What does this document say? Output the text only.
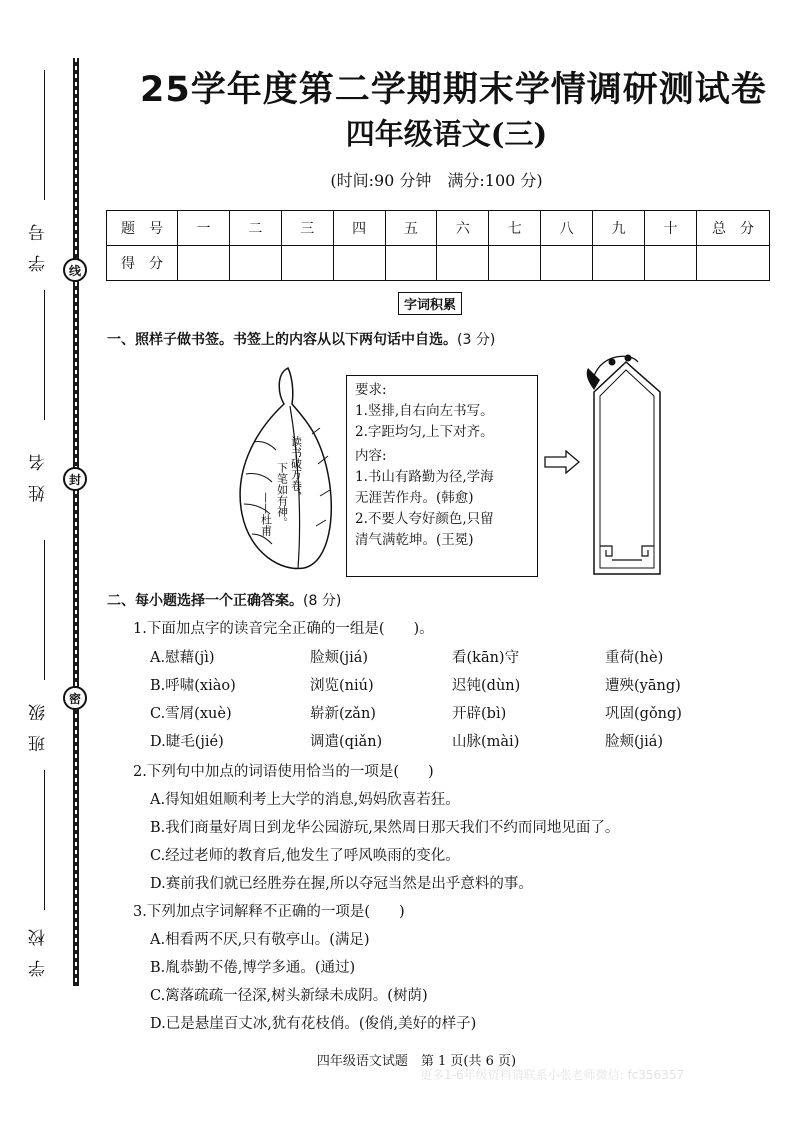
线
封
密
学号
姓名
班级
学校
25学年度第二学期期末学情调研测试卷
四年级语文(三)
(时间:90 分钟　满分:100 分)
题　号	一	二	三	四	五	六	七	八	九	十	总　分
得　分											
字词积累
一、照样子做书签。书签上的内容从以下两句话中自选。(3 分)
读书破万卷，
下笔如有神。
——杜甫
要求:
1.竖排,自右向左书写。
2.字距均匀,上下对齐。
内容:
1.书山有路勤为径,学海
无涯苦作舟。(韩愈)
2.不要人夸好颜色,只留
清气满乾坤。(王冕)
二、每小题选择一个正确答案。(8 分)
1.下面加点字的读音完全正确的一组是(　　)。
A.慰藉(jì)	脸颊(jiá)	看(kān)守	重荷(hè)
B.呼啸(xiào)	浏览(niú)	迟钝(dùn)	遭殃(yāng)
C.雪屑(xuè)	崭新(zǎn)	开辟(bì)	巩固(gǒng)
D.睫毛(jié)	调遣(qiǎn)	山脉(mài)	脸颊(jiá)
2.下列句中加点的词语使用恰当的一项是(　　)
A.得知姐姐顺利考上大学的消息,妈妈欣喜若狂。
B.我们商量好周日到龙华公园游玩,果然周日那天我们不约而同地见面了。
C.经过老师的教育后,他发生了呼风唤雨的变化。
D.赛前我们就已经胜券在握,所以夺冠当然是出乎意料的事。
3.下列加点字词解释不正确的一项是(　　)
A.相看两不厌,只有敬亭山。(满足)
B.胤恭勤不倦,博学多通。(通过)
C.篱落疏疏一径深,树头新绿未成阴。(树荫)
D.已是悬崖百丈冰,犹有花枝俏。(俊俏,美好的样子)
四年级语文试题　第 1 页(共 6 页)
更多1-6年级资料请联系小张老师微信: fc356357
